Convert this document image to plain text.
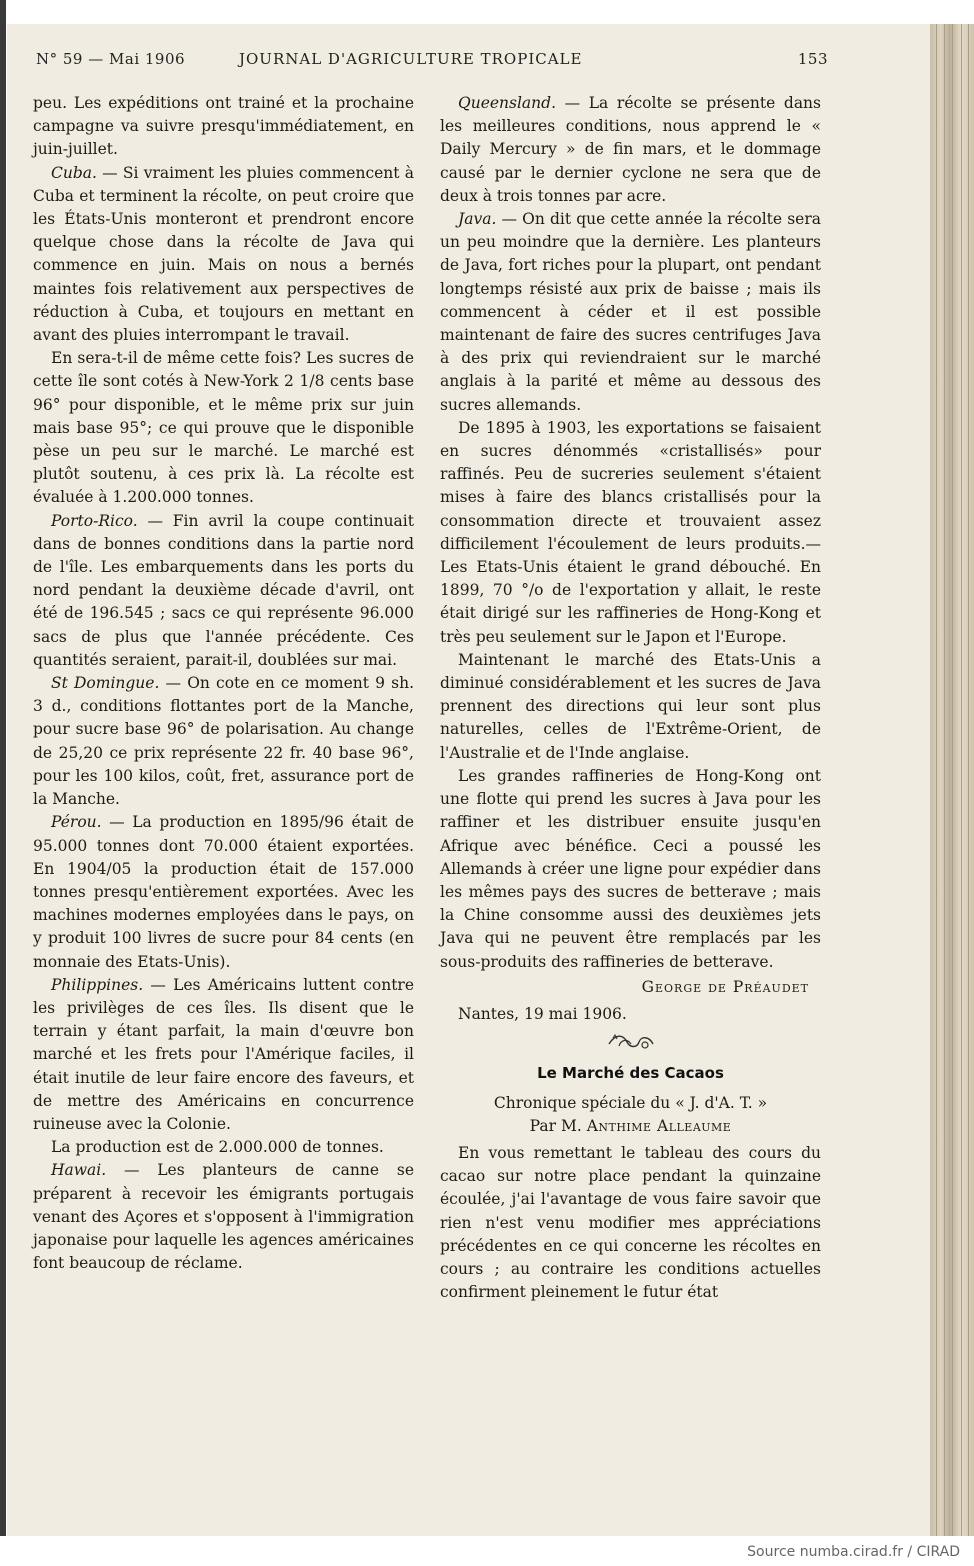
N° 59 — Mai 1906	JOURNAL D'AGRICULTURE TROPICALE	153

peu. Les expéditions ont trainé et la prochaine campagne va suivre presqu'immédiatement, en juin-juillet.

Cuba. — Si vraiment les pluies commencent à Cuba et terminent la récolte, on peut croire que les États-Unis monteront et prendront encore quelque chose dans la récolte de Java qui commence en juin. Mais on nous a bernés maintes fois relativement aux perspectives de réduction à Cuba, et toujours en mettant en avant des pluies interrompant le travail.

En sera-t-il de même cette fois? Les sucres de cette île sont cotés à New-York 2 1/8 cents base 96° pour disponible, et le même prix sur juin mais base 95°; ce qui prouve que le disponible pèse un peu sur le marché. Le marché est plutôt soutenu, à ces prix là. La récolte est évaluée à 1.200.000 tonnes.

Porto-Rico. — Fin avril la coupe continuait dans de bonnes conditions dans la partie nord de l'île. Les embarquements dans les ports du nord pendant la deuxième décade d'avril, ont été de 196.545 ; sacs ce qui représente 96.000 sacs de plus que l'année précédente. Ces quantités seraient, parait-il, doublées sur mai.

St Domingue. — On cote en ce moment 9 sh. 3 d., conditions flottantes port de la Manche, pour sucre base 96° de polarisation. Au change de 25,20 ce prix représente 22 fr. 40 base 96°, pour les 100 kilos, coût, fret, assurance port de la Manche.

Pérou. — La production en 1895/96 était de 95.000 tonnes dont 70.000 étaient exportées. En 1904/05 la production était de 157.000 tonnes presqu'entièrement exportées. Avec les machines modernes employées dans le pays, on y produit 100 livres de sucre pour 84 cents (en monnaie des Etats-Unis).

Philippines. — Les Américains luttent contre les privilèges de ces îles. Ils disent que le terrain y étant parfait, la main d'œuvre bon marché et les frets pour l'Amérique faciles, il était inutile de leur faire encore des faveurs, et de mettre des Américains en concurrence ruineuse avec la Colonie.

La production est de 2.000.000 de tonnes.

Hawai. — Les planteurs de canne se préparent à recevoir les émigrants portugais venant des Açores et s'opposent à l'immigration japonaise pour laquelle les agences américaines font beaucoup de réclame.

Queensland. — La récolte se présente dans les meilleures conditions, nous apprend le « Daily Mercury » de fin mars, et le dommage causé par le dernier cyclone ne sera que de deux à trois tonnes par acre.

Java. — On dit que cette année la récolte sera un peu moindre que la dernière. Les planteurs de Java, fort riches pour la plupart, ont pendant longtemps résisté aux prix de baisse ; mais ils commencent à céder et il est possible maintenant de faire des sucres centrifuges Java à des prix qui reviendraient sur le marché anglais à la parité et même au dessous des sucres allemands.

De 1895 à 1903, les exportations se faisaient en sucres dénommés «cristallisés» pour raffinés. Peu de sucreries seulement s'étaient mises à faire des blancs cristallisés pour la consommation directe et trouvaient assez difficilement l'écoulement de leurs produits.— Les Etats-Unis étaient le grand débouché. En 1899, 70 °/o de l'exportation y allait, le reste était dirigé sur les raffineries de Hong-Kong et très peu seulement sur le Japon et l'Europe.

Maintenant le marché des Etats-Unis a diminué considérablement et les sucres de Java prennent des directions qui leur sont plus naturelles, celles de l'Extrême-Orient, de l'Australie et de l'Inde anglaise.

Les grandes raffineries de Hong-Kong ont une flotte qui prend les sucres à Java pour les raffiner et les distribuer ensuite jusqu'en Afrique avec bénéfice. Ceci a poussé les Allemands à créer une ligne pour expédier dans les mêmes pays des sucres de betterave ; mais la Chine consomme aussi des deuxièmes jets Java qui ne peuvent être remplacés par les sous-produits des raffineries de betterave.

George de Préaudet

Nantes, 19 mai 1906.

Le Marché des Cacaos

Chronique spéciale du « J. d'A. T. »

Par M. Anthime Alleaume

En vous remettant le tableau des cours du cacao sur notre place pendant la quinzaine écoulée, j'ai l'avantage de vous faire savoir que rien n'est venu modifier mes appréciations précédentes en ce qui concerne les récoltes en cours ; au contraire les conditions actuelles confirment pleinement le futur état

Source numba.cirad.fr / CIRAD
